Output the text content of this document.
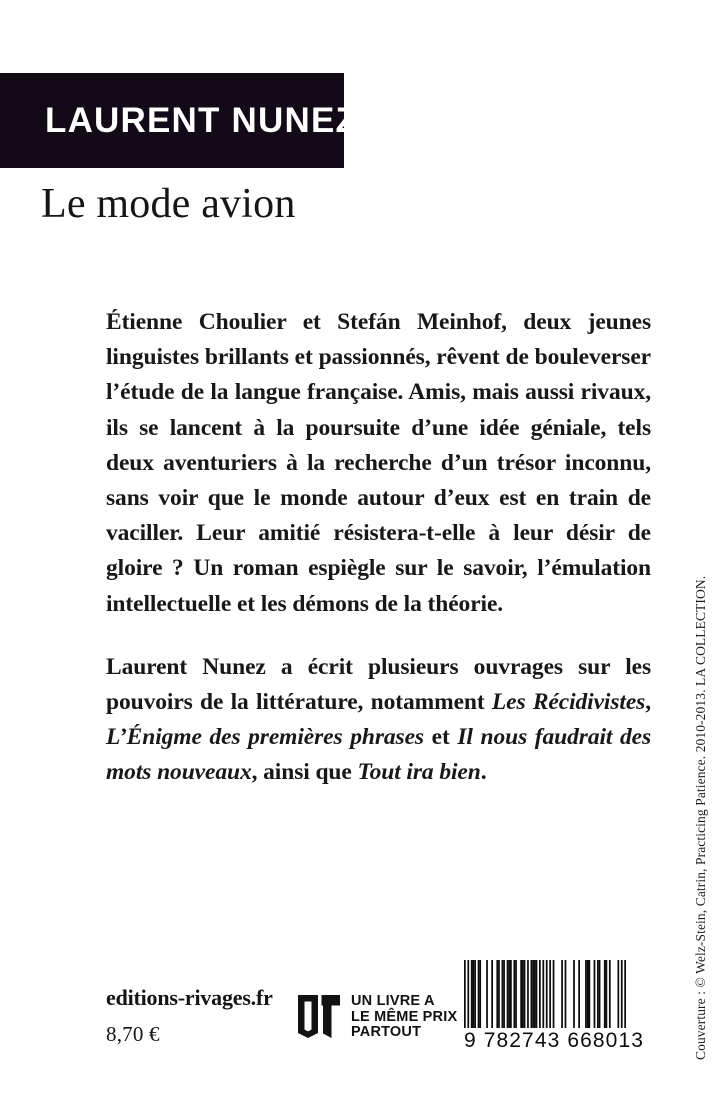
LAURENT NUNEZ
Le mode avion

Étienne Choulier et Stefán Meinhof, deux jeunes linguistes brillants et passionnés, rêvent de bouleverser l’étude de la langue française. Amis, mais aussi rivaux, ils se lancent à la poursuite d’une idée géniale, tels deux aventuriers à la recherche d’un trésor inconnu, sans voir que le monde autour d’eux est en train de vaciller. Leur amitié résistera-t-elle à leur désir de gloire ? Un roman espiègle sur le savoir, l’émulation intellectuelle et les démons de la théorie.

Laurent Nunez a écrit plusieurs ouvrages sur les pouvoirs de la littérature, notamment Les Récidivistes, L’Énigme des premières phrases et Il nous faudrait des mots nouveaux, ainsi que Tout ira bien.	Couverture : © Welz-Stein, Catrin, Practicing Patience. 2010-2013. LA COLLECTION.
editions-rivages.fr
8,70 €
UN LIVRE A
LE MÊME PRIX
PARTOUT	9 782743 668013
